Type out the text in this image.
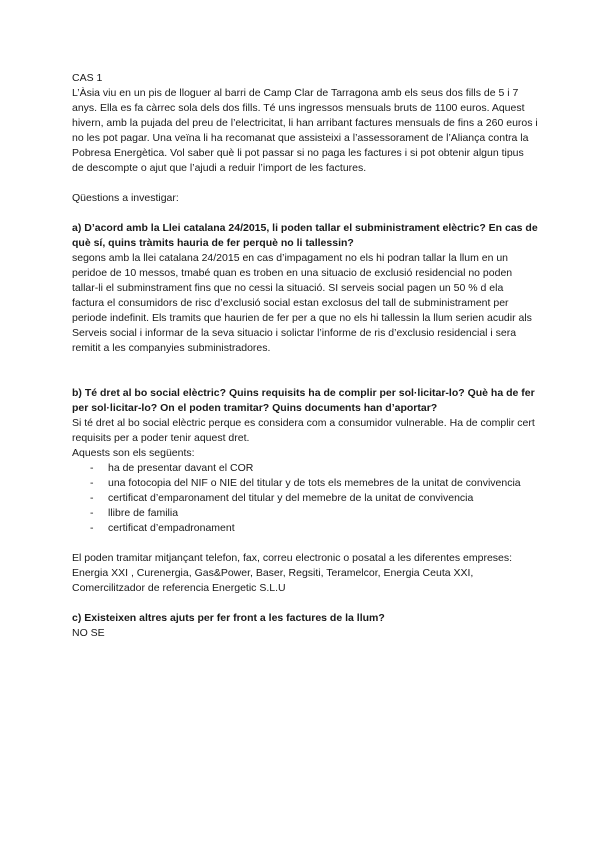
CAS 1

L’Àsia viu en un pis de lloguer al barri de Camp Clar de Tarragona amb els seus dos fills de 5 i 7 anys. Ella es fa càrrec sola dels dos fills. Té uns ingressos mensuals bruts de 1100 euros. Aquest hivern, amb la pujada del preu de l’electricitat, li han arribant factures mensuals de fins a 260 euros i no les pot pagar. Una veïna li ha recomanat que assisteixi a l’assessorament de l’Aliança contra la Pobresa Energètica. Vol saber què li pot passar si no paga les factures i si pot obtenir algun tipus de descompte o ajut que l’ajudi a reduir l’import de les factures.

Qüestions a investigar:

a) D’acord amb la Llei catalana 24/2015, li poden tallar el subministrament elèctric? En cas de què sí, quins tràmits hauria de fer perquè no li tallessin?

segons amb la llei catalana 24/2015 en cas d’impagament no els hi podran tallar la llum en un peridoe de 10 messos, tmabé quan es troben en una situacio de exclusió residencial no poden tallar-li el subminstrament fins que no cessi la situació. SI serveis social pagen un 50 % d ela factura el consumidors de risc d’exclusió social estan exclosus del tall de subministrament per periode indefinit. Els tramits que haurien de fer per a que no els hi tallessin la llum serien acudir als Serveis social i informar de la seva situacio i solictar l’informe de ris d’exclusio residencial i sera remitit a les companyies subministradores.

b) Té dret al bo social elèctric? Quins requisits ha de complir per sol·licitar-lo? Què ha de fer per sol·licitar-lo? On el poden tramitar? Quins documents han d’aportar?

Si té dret al bo social elèctric perque es considera com a consumidor vulnerable. Ha de complir cert requisits per a poder tenir aquest dret.

Aquests son els següents:

- ha de presentar davant el COR
- una fotocopia del NIF o NIE del titular y de tots els memebres de la unitat de convivencia
- certificat d’emparonament del titular y del memebre de la unitat de convivencia
- llibre de familia
- certificat d’empadronament

El poden tramitar mitjançant telefon, fax, correu electronic o posatal a les diferentes empreses: Energia XXI , Curenergia, Gas&Power, Baser, Regsiti, Teramelcor, Energia Ceuta XXI, Comercilitzador de referencia Energetic S.L.U

c) Existeixen altres ajuts per fer front a les factures de la llum?

NO SE
